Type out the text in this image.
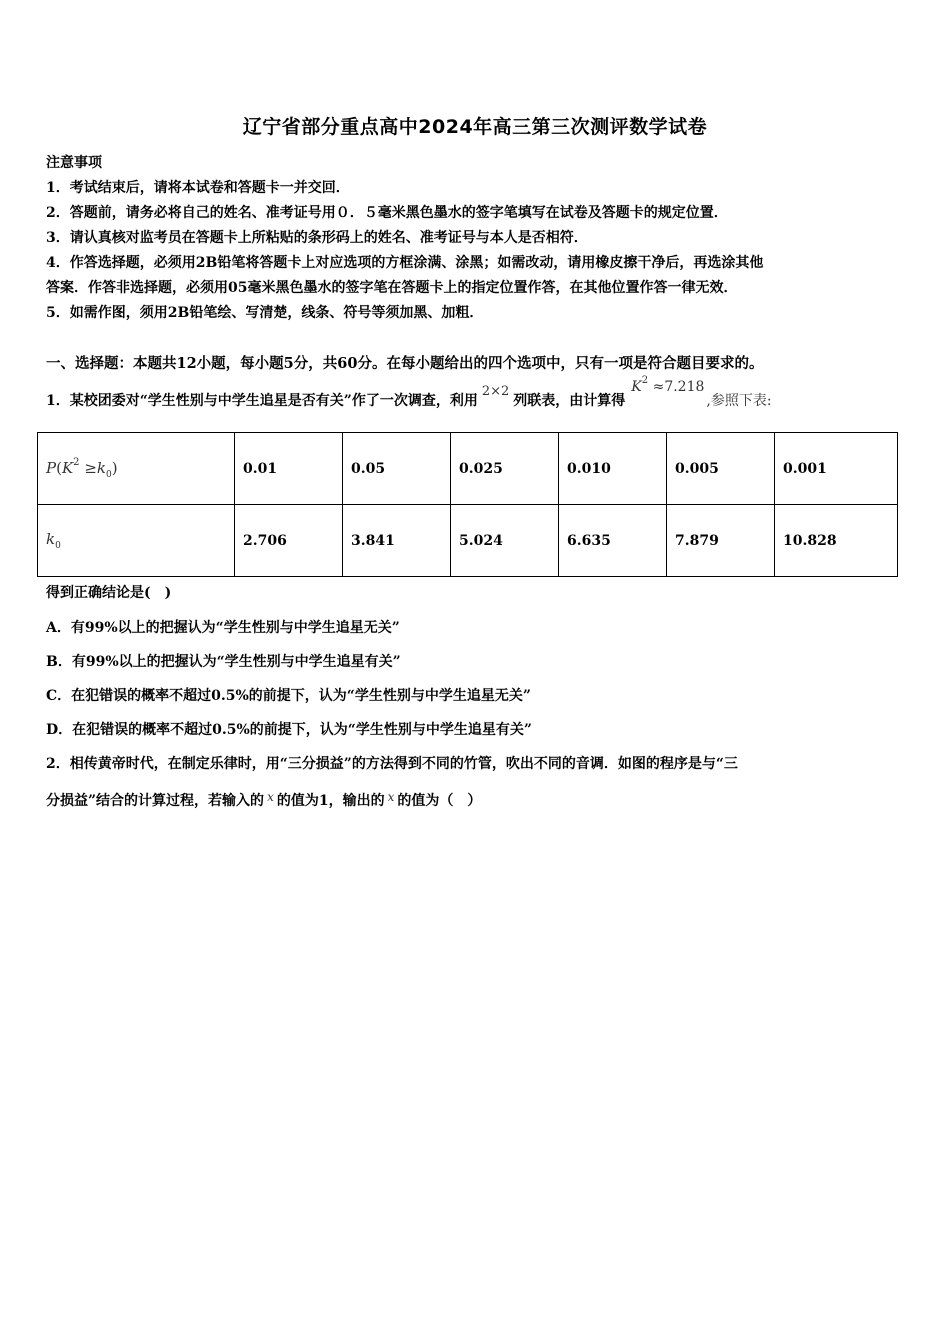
辽宁省部分重点高中2024年高三第三次测评数学试卷
注意事项
1．考试结束后，请将本试卷和答题卡一并交回．
2．答题前，请务必将自己的姓名、准考证号用０．５毫米黑色墨水的签字笔填写在试卷及答题卡的规定位置．
3．请认真核对监考员在答题卡上所粘贴的条形码上的姓名、准考证号与本人是否相符．
4．作答选择题，必须用2B铅笔将答题卡上对应选项的方框涂满、涂黑；如需改动，请用橡皮擦干净后，再选涂其他
答案．作答非选择题，必须用05毫米黑色墨水的签字笔在答题卡上的指定位置作答，在其他位置作答一律无效．
5．如需作图，须用2B铅笔绘、写清楚，线条、符号等须加黑、加粗．
一、选择题：本题共12小题，每小题5分，共60分。在每小题给出的四个选项中，只有一项是符合题目要求的。
1．某校团委对“学生性别与中学生追星是否有关”作了一次调查，利用2×2列联表，由计算得$K^2 \approx 7.218$,参照下表:
$P(K^2 \ge k_0)$	0.01	0.05	0.025	0.010	0.005	0.001
$k_0$	2.706	3.841	5.024	6.635	7.879	10.828
得到正确结论是(　)
A．有99%以上的把握认为“学生性别与中学生追星无关”
B．有99%以上的把握认为“学生性别与中学生追星有关”
C．在犯错误的概率不超过0.5%的前提下，认为“学生性别与中学生追星无关”
D．在犯错误的概率不超过0.5%的前提下，认为“学生性别与中学生追星有关”
2．相传黄帝时代，在制定乐律时，用“三分损益”的方法得到不同的竹管，吹出不同的音调．如图的程序是与“三
分损益”结合的计算过程，若输入的 x 的值为1，输出的 x 的值为（　）
